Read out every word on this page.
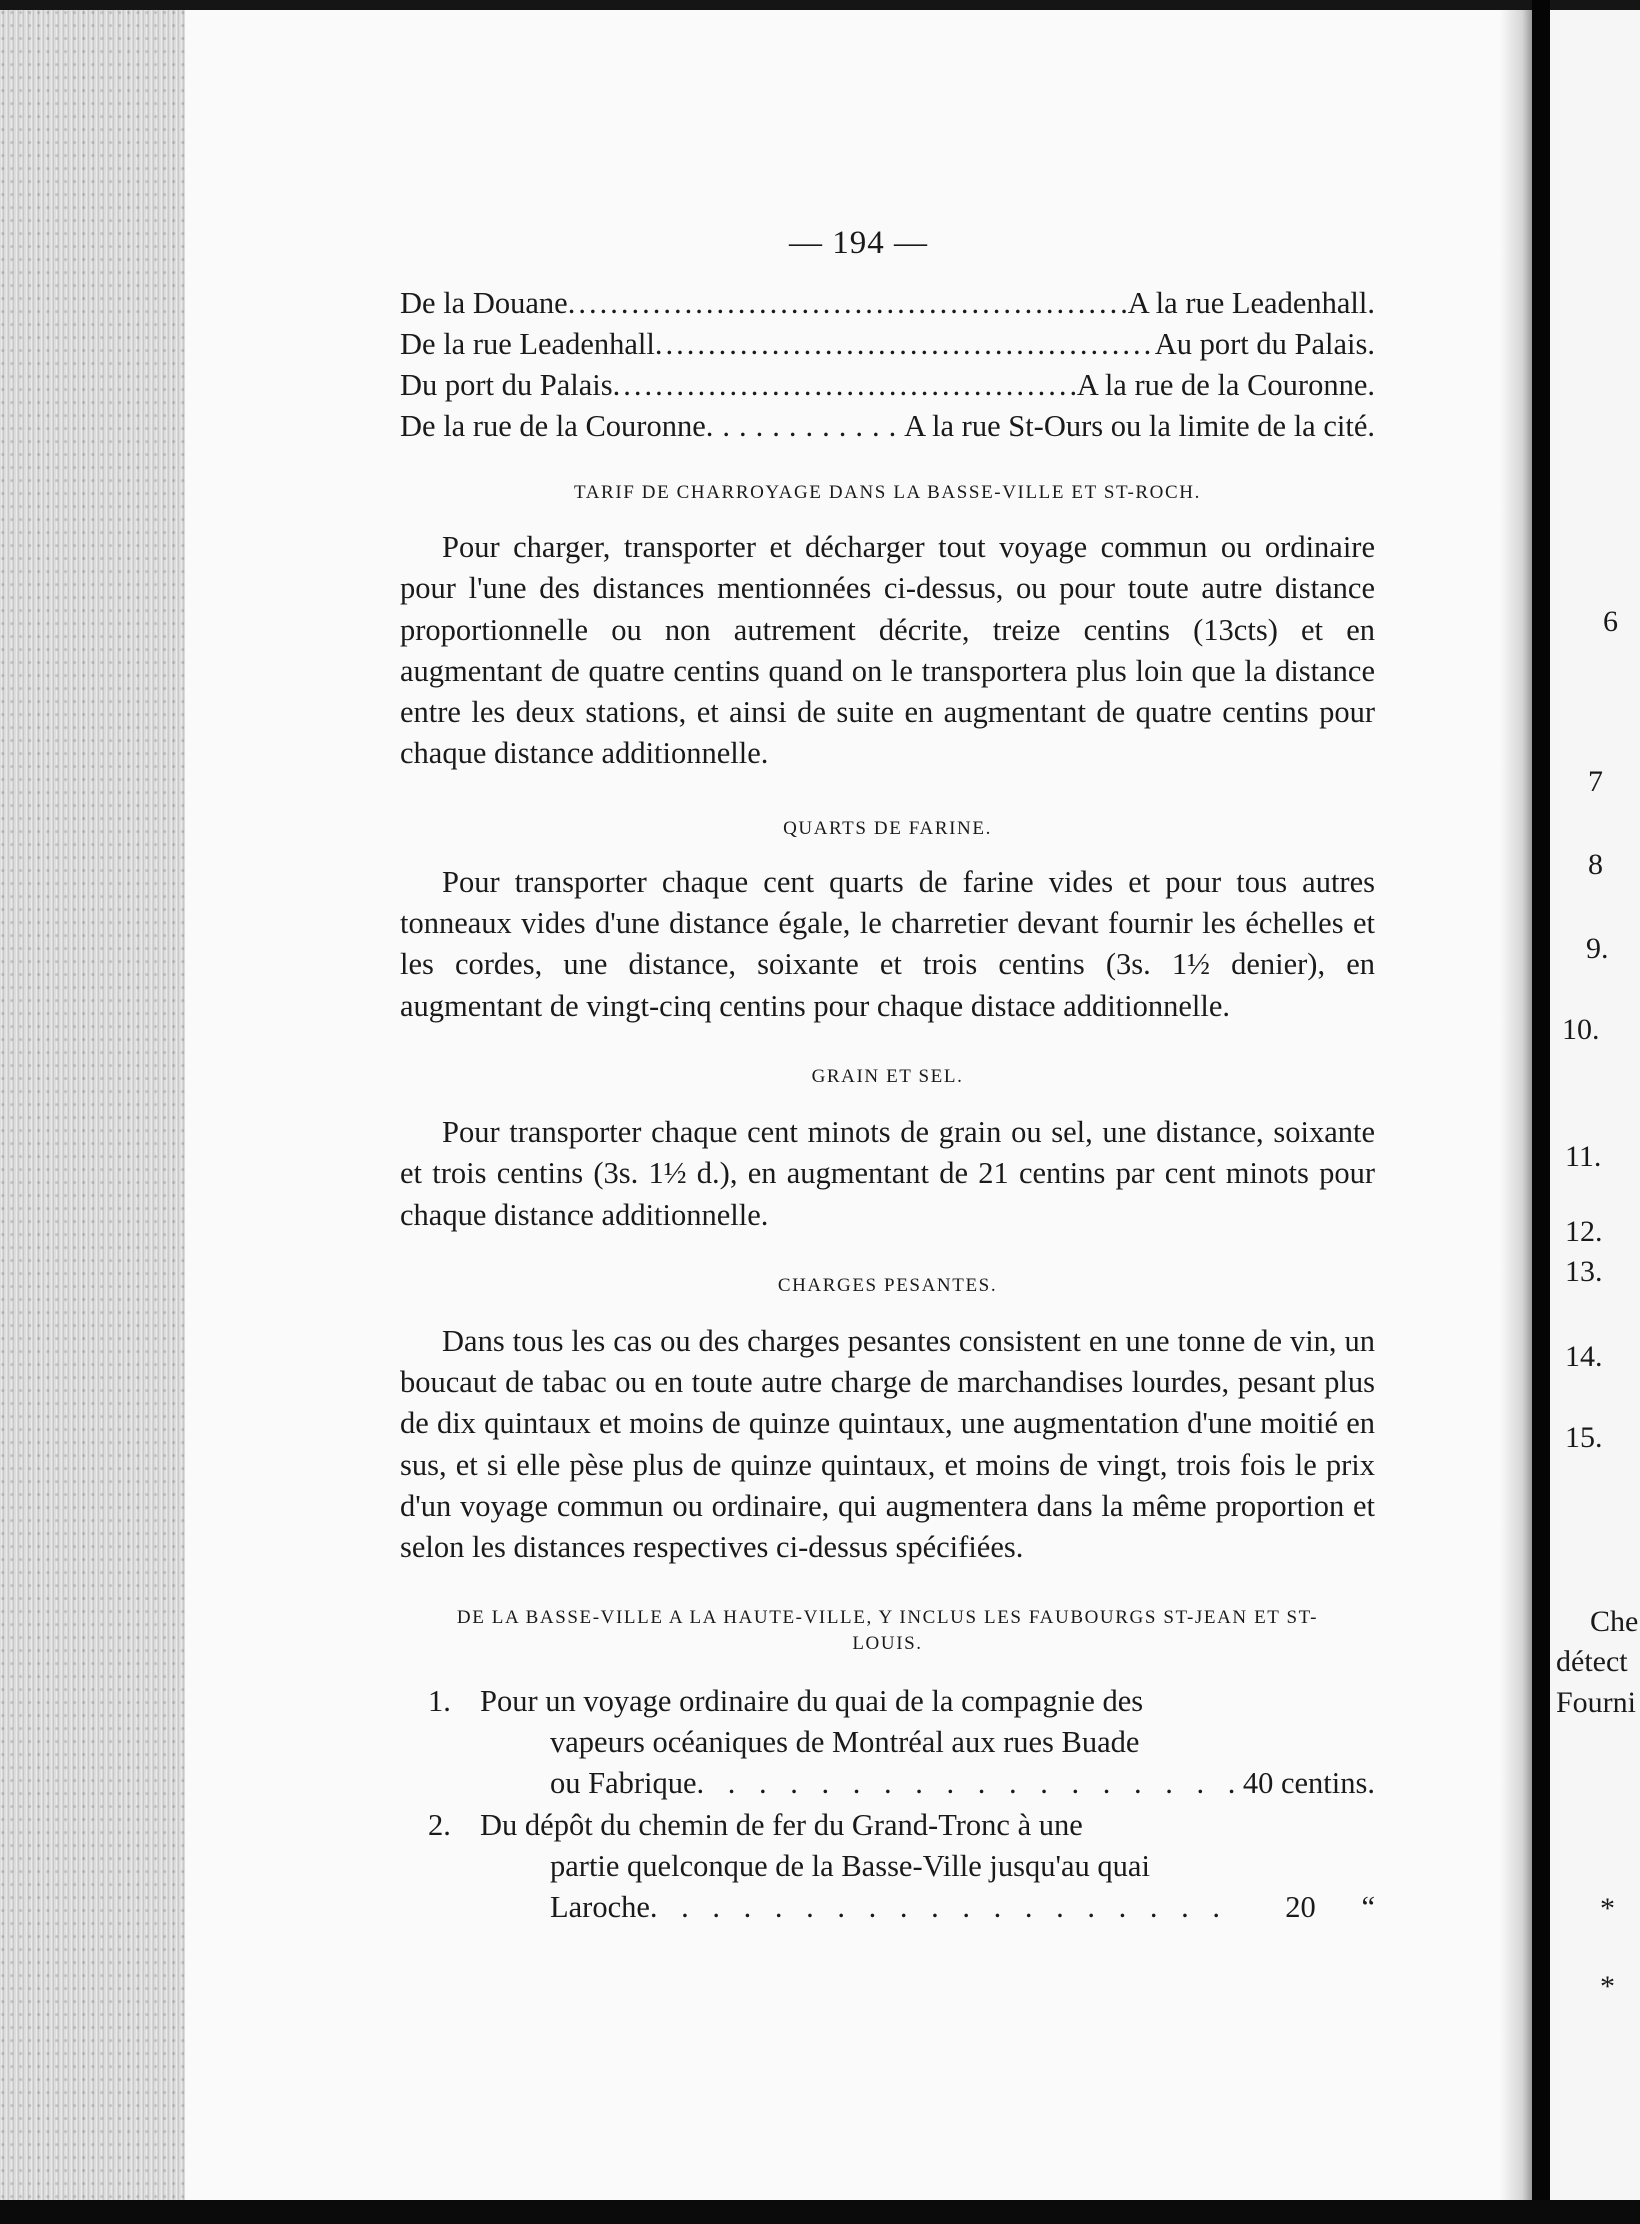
6
7
8
9.
10.
11.
12.
13.
14.
15.
Che
détect
Fourni
*
*
— 194 —
De la Douane .....	A la rue Leadenhall.
De la rue Leadenhall .....	Au port du Palais.
Du port du Palais .....	A la rue de la Couronne.
De la rue de la Couronne .....	A la rue St-Ours ou la limite de la cité.
TARIF DE CHARROYAGE DANS LA BASSE-VILLE ET ST-ROCH.

Pour charger, transporter et décharger tout voyage commun ou ordinaire pour l'une des distances mentionnées ci-dessus, ou pour toute autre distance proportionnelle ou non autrement décrite, treize centins (13cts) et en augmentant de quatre centins quand on le transportera plus loin que la distance entre les deux stations, et ainsi de suite en augmentant de quatre centins pour chaque distance additionnelle.

QUARTS DE FARINE.

Pour transporter chaque cent quarts de farine vides et pour tous autres tonneaux vides d'une distance égale, le charretier devant fournir les échelles et les cordes, une distance, soixante et trois centins (3s. 1½ denier), en augmentant de vingt-cinq centins pour chaque distace additionnelle.

GRAIN ET SEL.

Pour transporter chaque cent minots de grain ou sel, une distance, soixante et trois centins (3s. 1½ d.), en augmentant de 21 centins par cent minots pour chaque distance additionnelle.

CHARGES PESANTES.

Dans tous les cas ou des charges pesantes consistent en une tonne de vin, un boucaut de tabac ou en toute autre charge de marchandises lourdes, pesant plus de dix quintaux et moins de quinze quintaux, une augmentation d'une moitié en sus, et si elle pèse plus de quinze quintaux, et moins de vingt, trois fois le prix d'un voyage commun ou ordinaire, qui augmentera dans la même proportion et selon les distances respectives ci-dessus spécifiées.

DE LA BASSE-VILLE A LA HAUTE-VILLE, Y INCLUS LES FAUBOURGS ST-JEAN ET ST-LOUIS.
1. Pour un voyage ordinaire du quai de la compagnie des
vapeurs océaniques de Montréal aux rues Buade
ou Fabrique . . .	40 centins.
2. Du dépôt du chemin de fer du Grand-Tronc à une
partie quelconque de la Basse-Ville jusqu'au quai
Laroche . . .	20      “
